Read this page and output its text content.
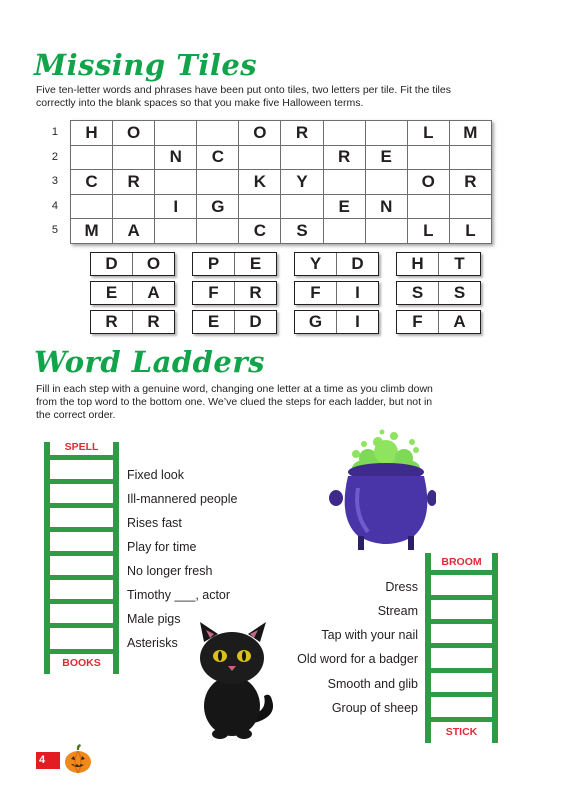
Missing Tiles
Five ten-letter words and phrases have been put onto tiles, two letters per tile. Fit the tiles
correctly into the blank spaces so that you make five Halloween terms.
1
2
3
4
5
H	O			O	R			L	M
		N	C			R	E		
C	R			K	Y			O	R
		I	G			E	N		
M	A			C	S			L	L
D	O	P	E	Y	D	H	T
E	A	F	R	F	I	S	S
R	R	E	D	G	I	F	A
Word Ladders
Fill in each step with a genuine word, changing one letter at a time as you climb down
from the top word to the bottom one. We’ve clued the steps for each ladder, but not in
the correct order.
SPELL
BOOKS
Fixed look
Ill-mannered people
Rises fast
Play for time
No longer fresh
Timothy ___, actor
Male pigs
Asterisks
BROOM
STICK
Dress
Stream
Tap with your nail
Old word for a badger
Smooth and glib
Group of sheep
4
